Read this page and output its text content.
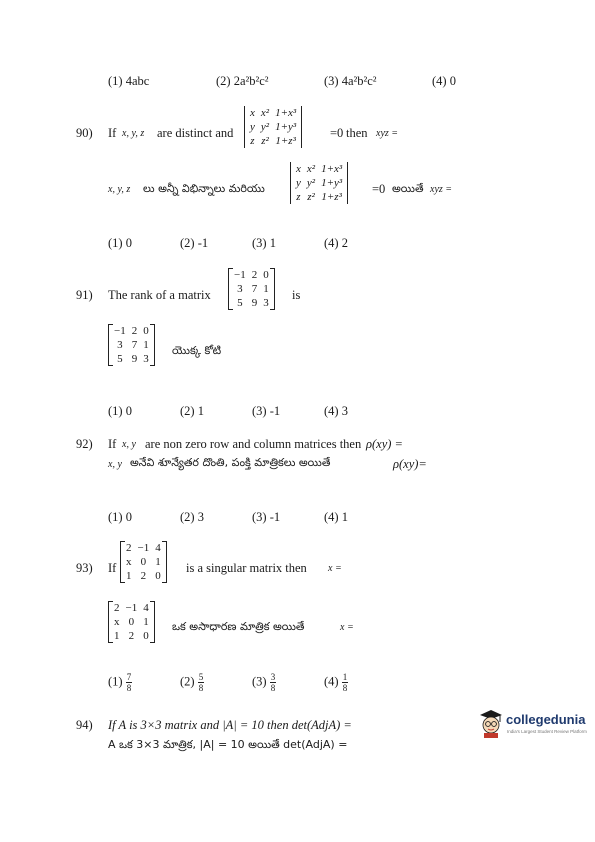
(1) 4abc	(2) 2a²b²c²	(3) 4a²b²c²	(4) 0
90) If x, y, z are distinct and
x	x²	1+x³
y	y²	1+y³
z	z²	1+z³
=0 then xyz =
x, y, z లు అన్నీ విభిన్నాలు మరియు
x	x²	1+x³
y	y²	1+y³
z	z²	1+z³
=0 అయితే xyz =
(1) 0	(2) -1	(3) 1	(4) 2
91) The rank of a matrix
−1	2	0
3	7	1
5	9	3
is
−1	2	0
3	7	1
5	9	3
యొక్క కోటి
(1) 0	(2) 1	(3) -1	(4) 3
92) If x, y are non zero row and column matrices then ρ(xy) =
x, y అనేవి శూన్యేతర దొంతి, పంక్తి మాత్రికలు అయితే	ρ(xy)=
(1) 0	(2) 3	(3) -1	(4) 1
93) If
2	−1	4
x	0	1
1	2	0
is a singular matrix then x =
2	−1	4
x	0	1
1	2	0
ఒక అసాధారణ మాత్రిక అయితే	x =
$(1) \frac{7}{8}$	$(2) \frac{5}{8}$	$(3) \frac{3}{8}$	$(4) \frac{1}{8}$
94) If A is 3×3 matrix and |A| = 10 then det(AdjA) =
A ఒక 3×3 మాత్రిక, |A| = 10 అయితే det(AdjA) =
collegedunia
India's Largest Student Review Platform
